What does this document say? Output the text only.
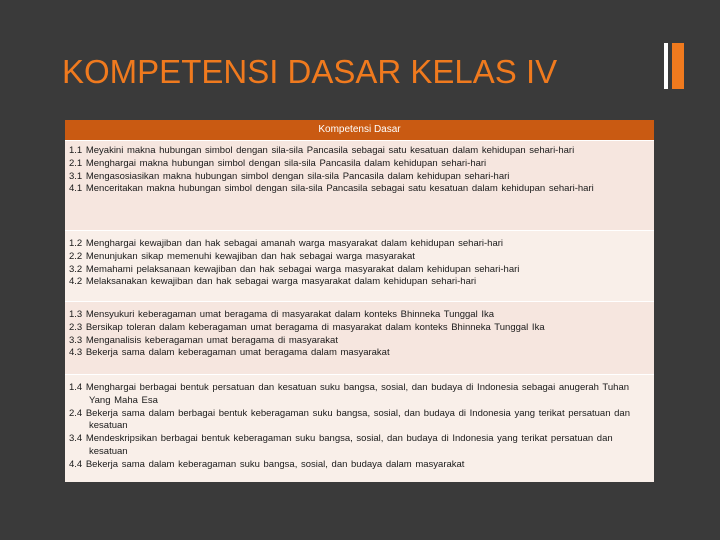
KOMPETENSI DASAR KELAS IV
Kompetensi Dasar
1.1 Meyakini makna hubungan simbol dengan sila-sila Pancasila sebagai satu kesatuan dalam kehidupan sehari-hari
2.1 Menghargai makna hubungan simbol dengan sila-sila Pancasila dalam kehidupan sehari-hari
3.1 Mengasosiasikan makna hubungan simbol dengan sila-sila Pancasila dalam kehidupan sehari-hari
4.1 Menceritakan makna hubungan simbol dengan sila-sila Pancasila sebagai satu kesatuan dalam kehidupan sehari-hari
1.2 Menghargai kewajiban dan hak sebagai amanah warga masyarakat dalam kehidupan sehari-hari
2.2 Menunjukan sikap memenuhi kewajiban dan hak sebagai warga masyarakat
3.2 Memahami pelaksanaan kewajiban dan hak sebagai warga masyarakat dalam kehidupan sehari-hari
4.2 Melaksanakan kewajiban dan hak sebagai warga masyarakat dalam kehidupan sehari-hari
1.3 Mensyukuri keberagaman umat beragama di masyarakat dalam konteks Bhinneka Tunggal Ika
2.3 Bersikap toleran dalam keberagaman umat beragama di masyarakat dalam konteks Bhinneka Tunggal Ika
3.3 Menganalisis keberagaman umat beragama di masyarakat
4.3 Bekerja sama dalam keberagaman umat beragama dalam masyarakat
1.4 Menghargai berbagai bentuk persatuan dan kesatuan suku bangsa, sosial, dan budaya di Indonesia sebagai anugerah Tuhan Yang Maha Esa
2.4 Bekerja sama dalam berbagai bentuk keberagaman suku bangsa, sosial, dan budaya di Indonesia yang terikat persatuan dan kesatuan
3.4 Mendeskripsikan berbagai bentuk keberagaman suku bangsa, sosial, dan budaya di Indonesia yang terikat persatuan dan kesatuan
4.4 Bekerja sama dalam keberagaman suku bangsa, sosial, dan budaya dalam masyarakat
